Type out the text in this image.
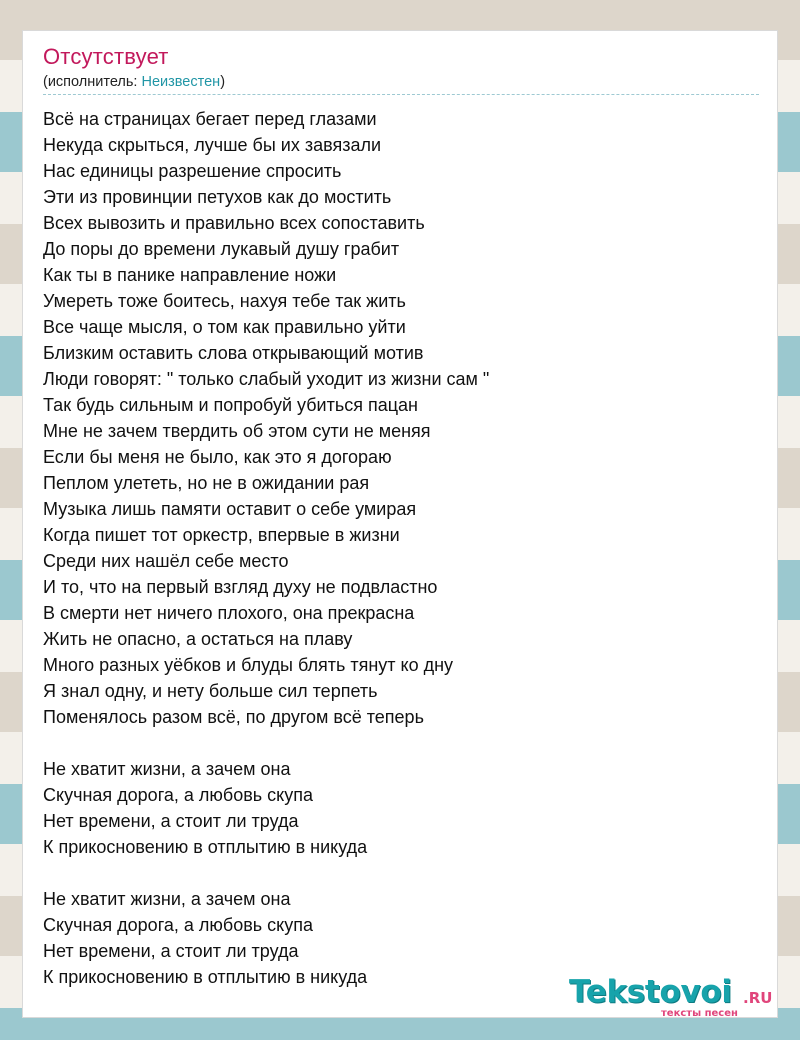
Отсутствует
(исполнитель: Неизвестен)
Всё на страницах бегает перед глазами
Некуда скрыться, лучше бы их завязали
Нас единицы разрешение спросить
Эти из провинции петухов как до мостить
Всех вывозить и правильно всех сопоставить
До поры до времени лукавый душу грабит
Как ты в панике направление ножи
Умереть тоже боитесь, нахуя тебе так жить
Все чаще мысля, о том как правильно уйти
Близким оставить слова открывающий мотив
Люди говорят: " только слабый уходит из жизни сам "
Так будь сильным и попробуй убиться пацан
Мне не зачем твердить об этом сути не меняя
Если бы меня не было, как это я догораю
Пеплом улететь, но не в ожидании рая
Музыка лишь памяти оставит о себе умирая
Когда пишет тот оркестр, впервые в жизни
Среди них нашёл себе место
И то, что на первый взгляд духу не подвластно
В смерти нет ничего плохого, она прекрасна
Жить не опасно, а остаться на плаву
Много разных уёбков и блуды блять тянут ко дну
Я знал одну, и нету больше сил терпеть
Поменялось разом всё, по другом всё теперь
Не хватит жизни, а зачем она
Скучная дорога, а любовь скупа
Нет времени, а стоит ли труда
К прикосновению в отплытию в никуда
Не хватит жизни, а зачем она
Скучная дорога, а любовь скупа
Нет времени, а стоит ли труда
К прикосновению в отплытию в никуда	Tekstovoi .RU
тексты песен
